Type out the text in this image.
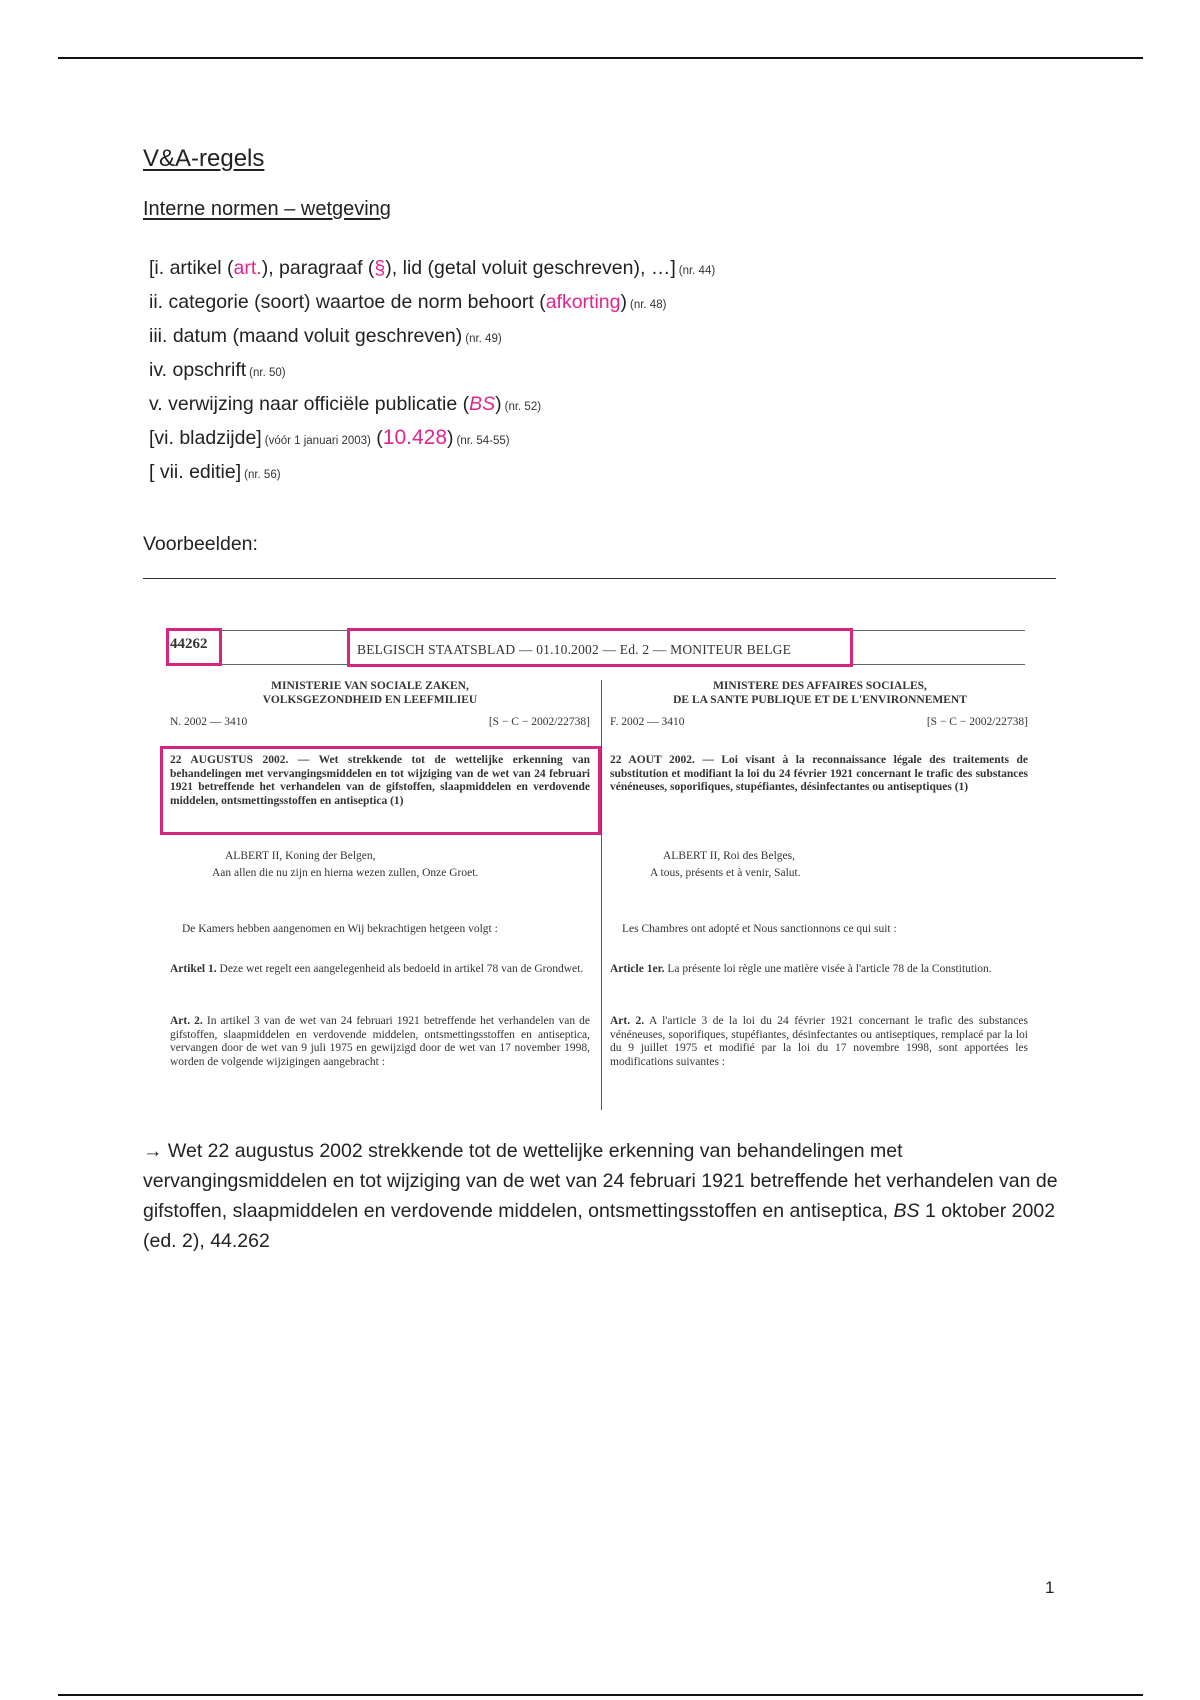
V&A-regels
Interne normen – wetgeving
[i. artikel (art.), paragraaf (§), lid (getal voluit geschreven), …] (nr. 44)
ii. categorie (soort) waartoe de norm behoort (afkorting) (nr. 48)
iii. datum (maand voluit geschreven) (nr. 49)
iv. opschrift (nr. 50)
v. verwijzing naar officiële publicatie (BS) (nr. 52)
[vi. bladzijde] (vóór 1 januari 2003) (10.428) (nr. 54-55)
[ vii. editie] (nr. 56)
Voorbeelden:
44262	BELGISCH STAATSBLAD — 01.10.2002 — Ed. 2 — MONITEUR BELGE
MINISTERIE VAN SOCIALE ZAKEN,
VOLKSGEZONDHEID EN LEEFMILIEU
N. 2002 — 3410	[S − C − 2002/22738]
22 AUGUSTUS 2002. — Wet strekkende tot de wettelijke erkenning van behandelingen met vervangingsmiddelen en tot wijziging van de wet van 24 februari 1921 betreffende het verhandelen van de gifstoffen, slaapmiddelen en verdovende middelen, ontsmettingsstoffen en antiseptica (1)
ALBERT II, Koning der Belgen,
Aan allen die nu zijn en hierna wezen zullen, Onze Groet.
De Kamers hebben aangenomen en Wij bekrachtigen hetgeen volgt :
Artikel 1. Deze wet regelt een aangelegenheid als bedoeld in artikel 78 van de Grondwet.
Art. 2. In artikel 3 van de wet van 24 februari 1921 betreffende het verhandelen van de gifstoffen, slaapmiddelen en verdovende middelen, ontsmettingsstoffen en antiseptica, vervangen door de wet van 9 juli 1975 en gewijzigd door de wet van 17 november 1998, worden de volgende wijzigingen aangebracht :
MINISTERE DES AFFAIRES SOCIALES,
DE LA SANTE PUBLIQUE ET DE L'ENVIRONNEMENT
F. 2002 — 3410	[S − C − 2002/22738]
22 AOUT 2002. — Loi visant à la reconnaissance légale des traitements de substitution et modifiant la loi du 24 février 1921 concernant le trafic des substances vénéneuses, soporifiques, stupéfiantes, désinfectantes ou antiseptiques (1)
ALBERT II, Roi des Belges,
A tous, présents et à venir, Salut.
Les Chambres ont adopté et Nous sanctionnons ce qui suit :
Article 1er. La présente loi règle une matière visée à l'article 78 de la Constitution.
Art. 2. A l'article 3 de la loi du 24 février 1921 concernant le trafic des substances vénéneuses, soporifiques, stupéfiantes, désinfectantes ou antiseptiques, remplacé par la loi du 9 juillet 1975 et modifié par la loi du 17 novembre 1998, sont apportées les modifications suivantes :
→ Wet 22 augustus 2002 strekkende tot de wettelijke erkenning van behandelingen met vervangingsmiddelen en tot wijziging van de wet van 24 februari 1921 betreffende het verhandelen van de gifstoffen, slaapmiddelen en verdovende middelen, ontsmettingsstoffen en antiseptica, BS 1 oktober 2002 (ed. 2), 44.262
1
